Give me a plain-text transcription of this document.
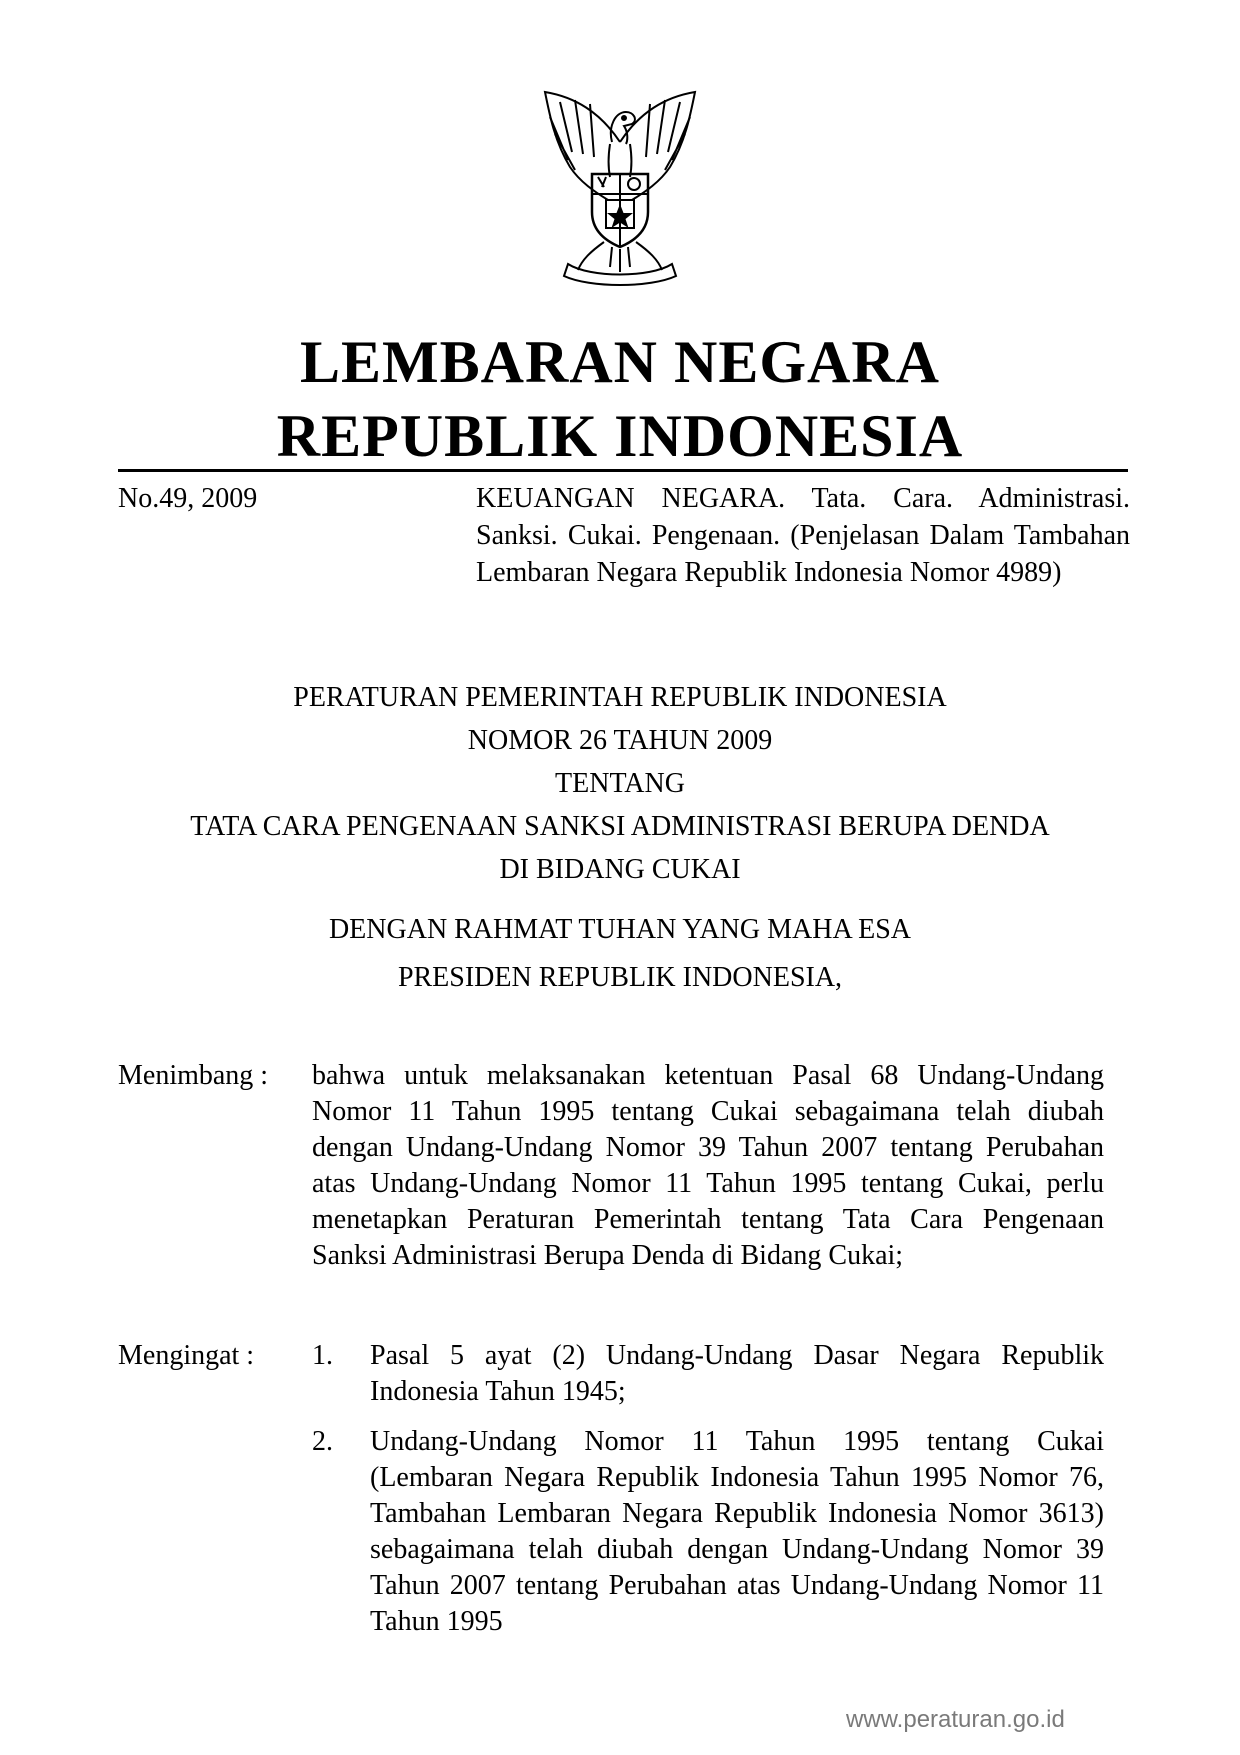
LEMBARAN NEGARA
REPUBLIK INDONESIA
No.49, 2009	KEUANGAN NEGARA. Tata. Cara. Administrasi. Sanksi. Cukai. Pengenaan. (Penjelasan Dalam Tambahan Lembaran Negara Republik Indonesia Nomor 4989)
PERATURAN PEMERINTAH REPUBLIK INDONESIA
NOMOR 26 TAHUN 2009
TENTANG
TATA CARA PENGENAAN SANKSI ADMINISTRASI BERUPA DENDA
DI BIDANG CUKAI
DENGAN RAHMAT TUHAN YANG MAHA ESA
PRESIDEN REPUBLIK INDONESIA,
Menimbang : bahwa untuk melaksanakan ketentuan Pasal 68 Undang-Undang Nomor 11 Tahun 1995 tentang Cukai sebagaimana telah diubah dengan Undang-Undang Nomor 39 Tahun 2007 tentang Perubahan atas Undang-Undang Nomor 11 Tahun 1995 tentang Cukai, perlu menetapkan Peraturan Pemerintah tentang Tata Cara Pengenaan Sanksi Administrasi Berupa Denda di Bidang Cukai;
Mengingat : 1. Pasal 5 ayat (2) Undang-Undang Dasar Negara Republik Indonesia Tahun 1945;
2. Undang-Undang Nomor 11 Tahun 1995 tentang Cukai (Lembaran Negara Republik Indonesia Tahun 1995 Nomor 76, Tambahan Lembaran Negara Republik Indonesia Nomor 3613) sebagaimana telah diubah dengan Undang-Undang Nomor 39 Tahun 2007 tentang Perubahan atas Undang-Undang Nomor 11 Tahun 1995
www.peraturan.go.id
